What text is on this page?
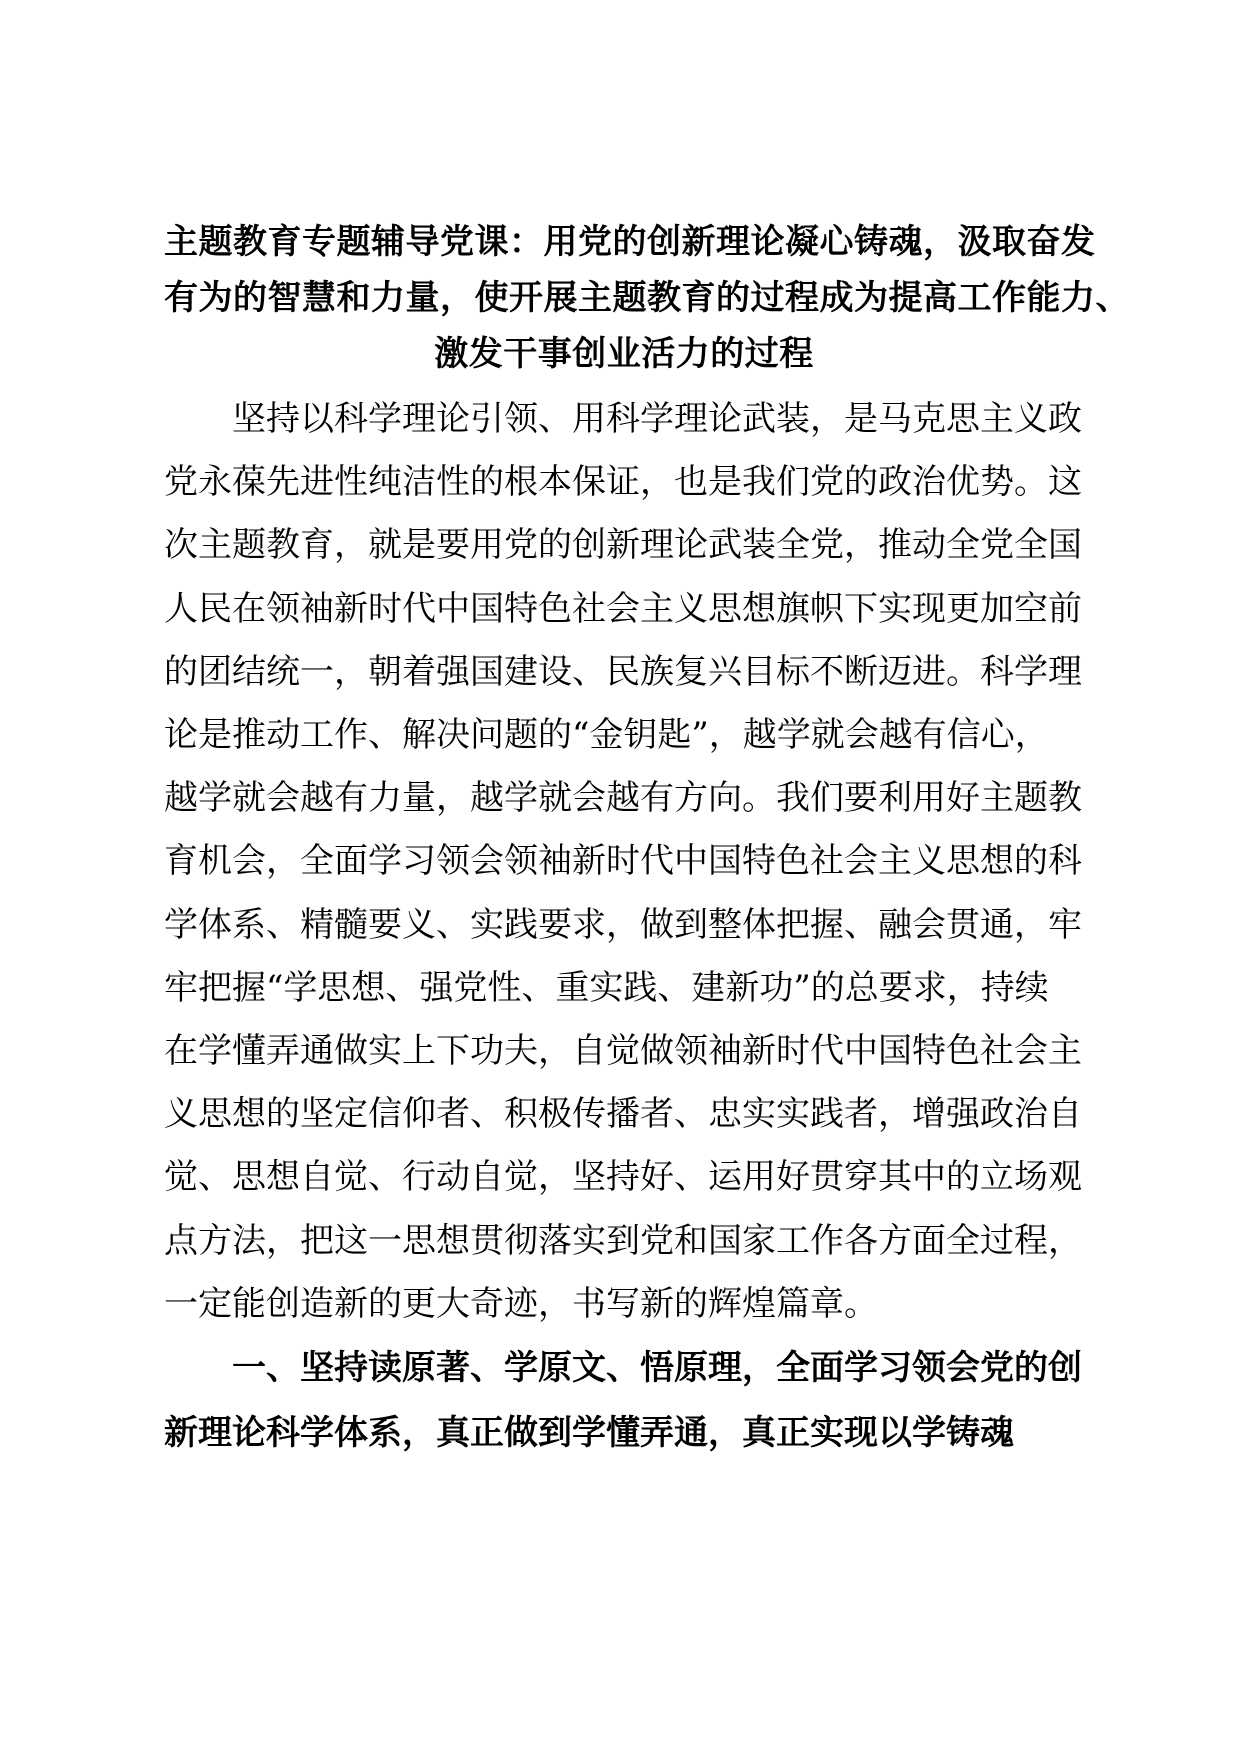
主题教育专题辅导党课：用党的创新理论凝心铸魂，汲取奋发
有为的智慧和力量，使开展主题教育的过程成为提高工作能力、
激发干事创业活力的过程
坚持以科学理论引领、用科学理论武装，是马克思主义政
党永葆先进性纯洁性的根本保证，也是我们党的政治优势。这
次主题教育，就是要用党的创新理论武装全党，推动全党全国
人民在领袖新时代中国特色社会主义思想旗帜下实现更加空前
的团结统一，朝着强国建设、民族复兴目标不断迈进。科学理
论是推动工作、解决问题的“金钥匙”，越学就会越有信心，
越学就会越有力量，越学就会越有方向。我们要利用好主题教
育机会，全面学习领会领袖新时代中国特色社会主义思想的科
学体系、精髓要义、实践要求，做到整体把握、融会贯通，牢
牢把握“学思想、强党性、重实践、建新功”的总要求，持续
在学懂弄通做实上下功夫，自觉做领袖新时代中国特色社会主
义思想的坚定信仰者、积极传播者、忠实实践者，增强政治自
觉、思想自觉、行动自觉，坚持好、运用好贯穿其中的立场观
点方法，把这一思想贯彻落实到党和国家工作各方面全过程，
一定能创造新的更大奇迹，书写新的辉煌篇章。
一、坚持读原著、学原文、悟原理，全面学习领会党的创
新理论科学体系，真正做到学懂弄通，真正实现以学铸魂
